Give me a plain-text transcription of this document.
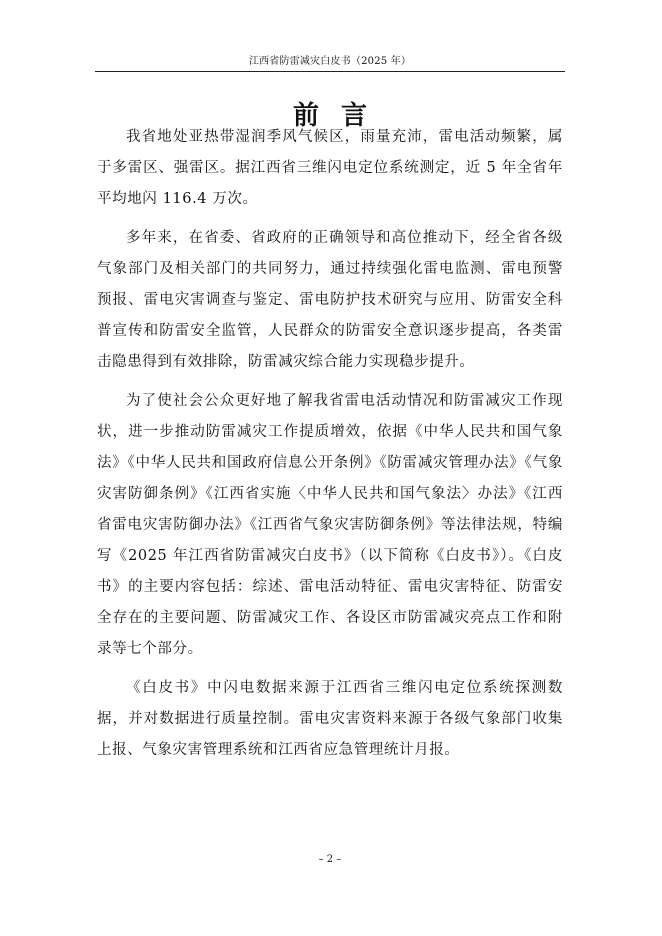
江西省防雷减灾白皮书（2025 年）
前言

我省地处亚热带湿润季风气候区，雨量充沛，雷电活动频繁，属于多雷区、强雷区。据江西省三维闪电定位系统测定，近 5 年全省年平均地闪 116.4 万次。

多年来，在省委、省政府的正确领导和高位推动下，经全省各级气象部门及相关部门的共同努力，通过持续强化雷电监测、雷电预警预报、雷电灾害调查与鉴定、雷电防护技术研究与应用、防雷安全科普宣传和防雷安全监管，人民群众的防雷安全意识逐步提高，各类雷击隐患得到有效排除，防雷减灾综合能力实现稳步提升。

为了使社会公众更好地了解我省雷电活动情况和防雷减灾工作现状，进一步推动防雷减灾工作提质增效，依据《中华人民共和国气象法》《中华人民共和国政府信息公开条例》《防雷减灾管理办法》《气象灾害防御条例》《江西省实施〈中华人民共和国气象法〉办法》《江西省雷电灾害防御办法》《江西省气象灾害防御条例》等法律法规，特编写《2025 年江西省防雷减灾白皮书》（以下简称《白皮书》）。《白皮书》的主要内容包括：综述、雷电活动特征、雷电灾害特征、防雷安全存在的主要问题、防雷减灾工作、各设区市防雷减灾亮点工作和附录等七个部分。

《白皮书》中闪电数据来源于江西省三维闪电定位系统探测数据，并对数据进行质量控制。雷电灾害资料来源于各级气象部门收集上报、气象灾害管理系统和江西省应急管理统计月报。

– 2 –
